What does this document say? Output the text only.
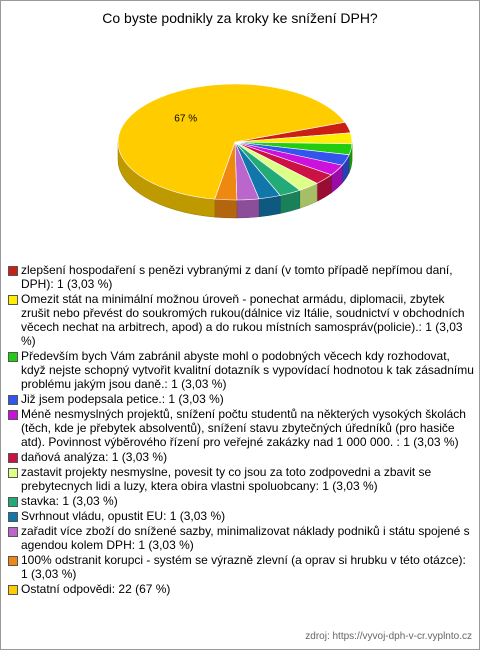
Co byste podnikly za kroky ke snížení DPH?
67 %
zlepšení hospodaření s penězi vybranými z daní (v tomto případě nepřímou daní, DPH): 1 (3,03 %)
Omezit stát na minimální možnou úroveň - ponechat armádu, diplomacii, zbytek zrušit nebo převést do soukromých rukou(dálnice viz Itálie, soudnictví v obchodních věcech nechat na arbitrech, apod) a do rukou místních samospráv(policie).: 1 (3,03 %)
Především bych Vám zabránil abyste mohl o podobných věcech kdy rozhodovat, když nejste schopný vytvořit kvalitní dotazník s vypovídací hodnotou k tak zásadnímu problému jakým jsou daně.: 1 (3,03 %)
Již jsem podepsala petice.: 1 (3,03 %)
Méně nesmyslných projektů, snížení počtu studentů na některých vysokých školách (těch, kde je přebytek absolventů), snížení stavu zbytečných úředníků (pro hasiče atd). Povinnost výběrového řízení pro veřejné zakázky nad 1 000 000. : 1 (3,03 %)
daňová analýza: 1 (3,03 %)
zastavit projekty nesmyslne, povesit ty co jsou za toto zodpovedni a zbavit se prebytecnych lidi a luzy, ktera obira vlastni spoluobcany: 1 (3,03 %)
stavka: 1 (3,03 %)
Svrhnout vládu, opustit EU: 1 (3,03 %)
zařadit více zboží do snížené sazby, minimalizovat náklady podniků i státu spojené s agendou kolem DPH: 1 (3,03 %)
100% odstranit korupci - systém se výrazně zlevní (a oprav si hrubku v této otázce): 1 (3,03 %)
Ostatní odpovědi: 22 (67 %)
zdroj: https://vyvoj-dph-v-cr.vyplnto.cz
